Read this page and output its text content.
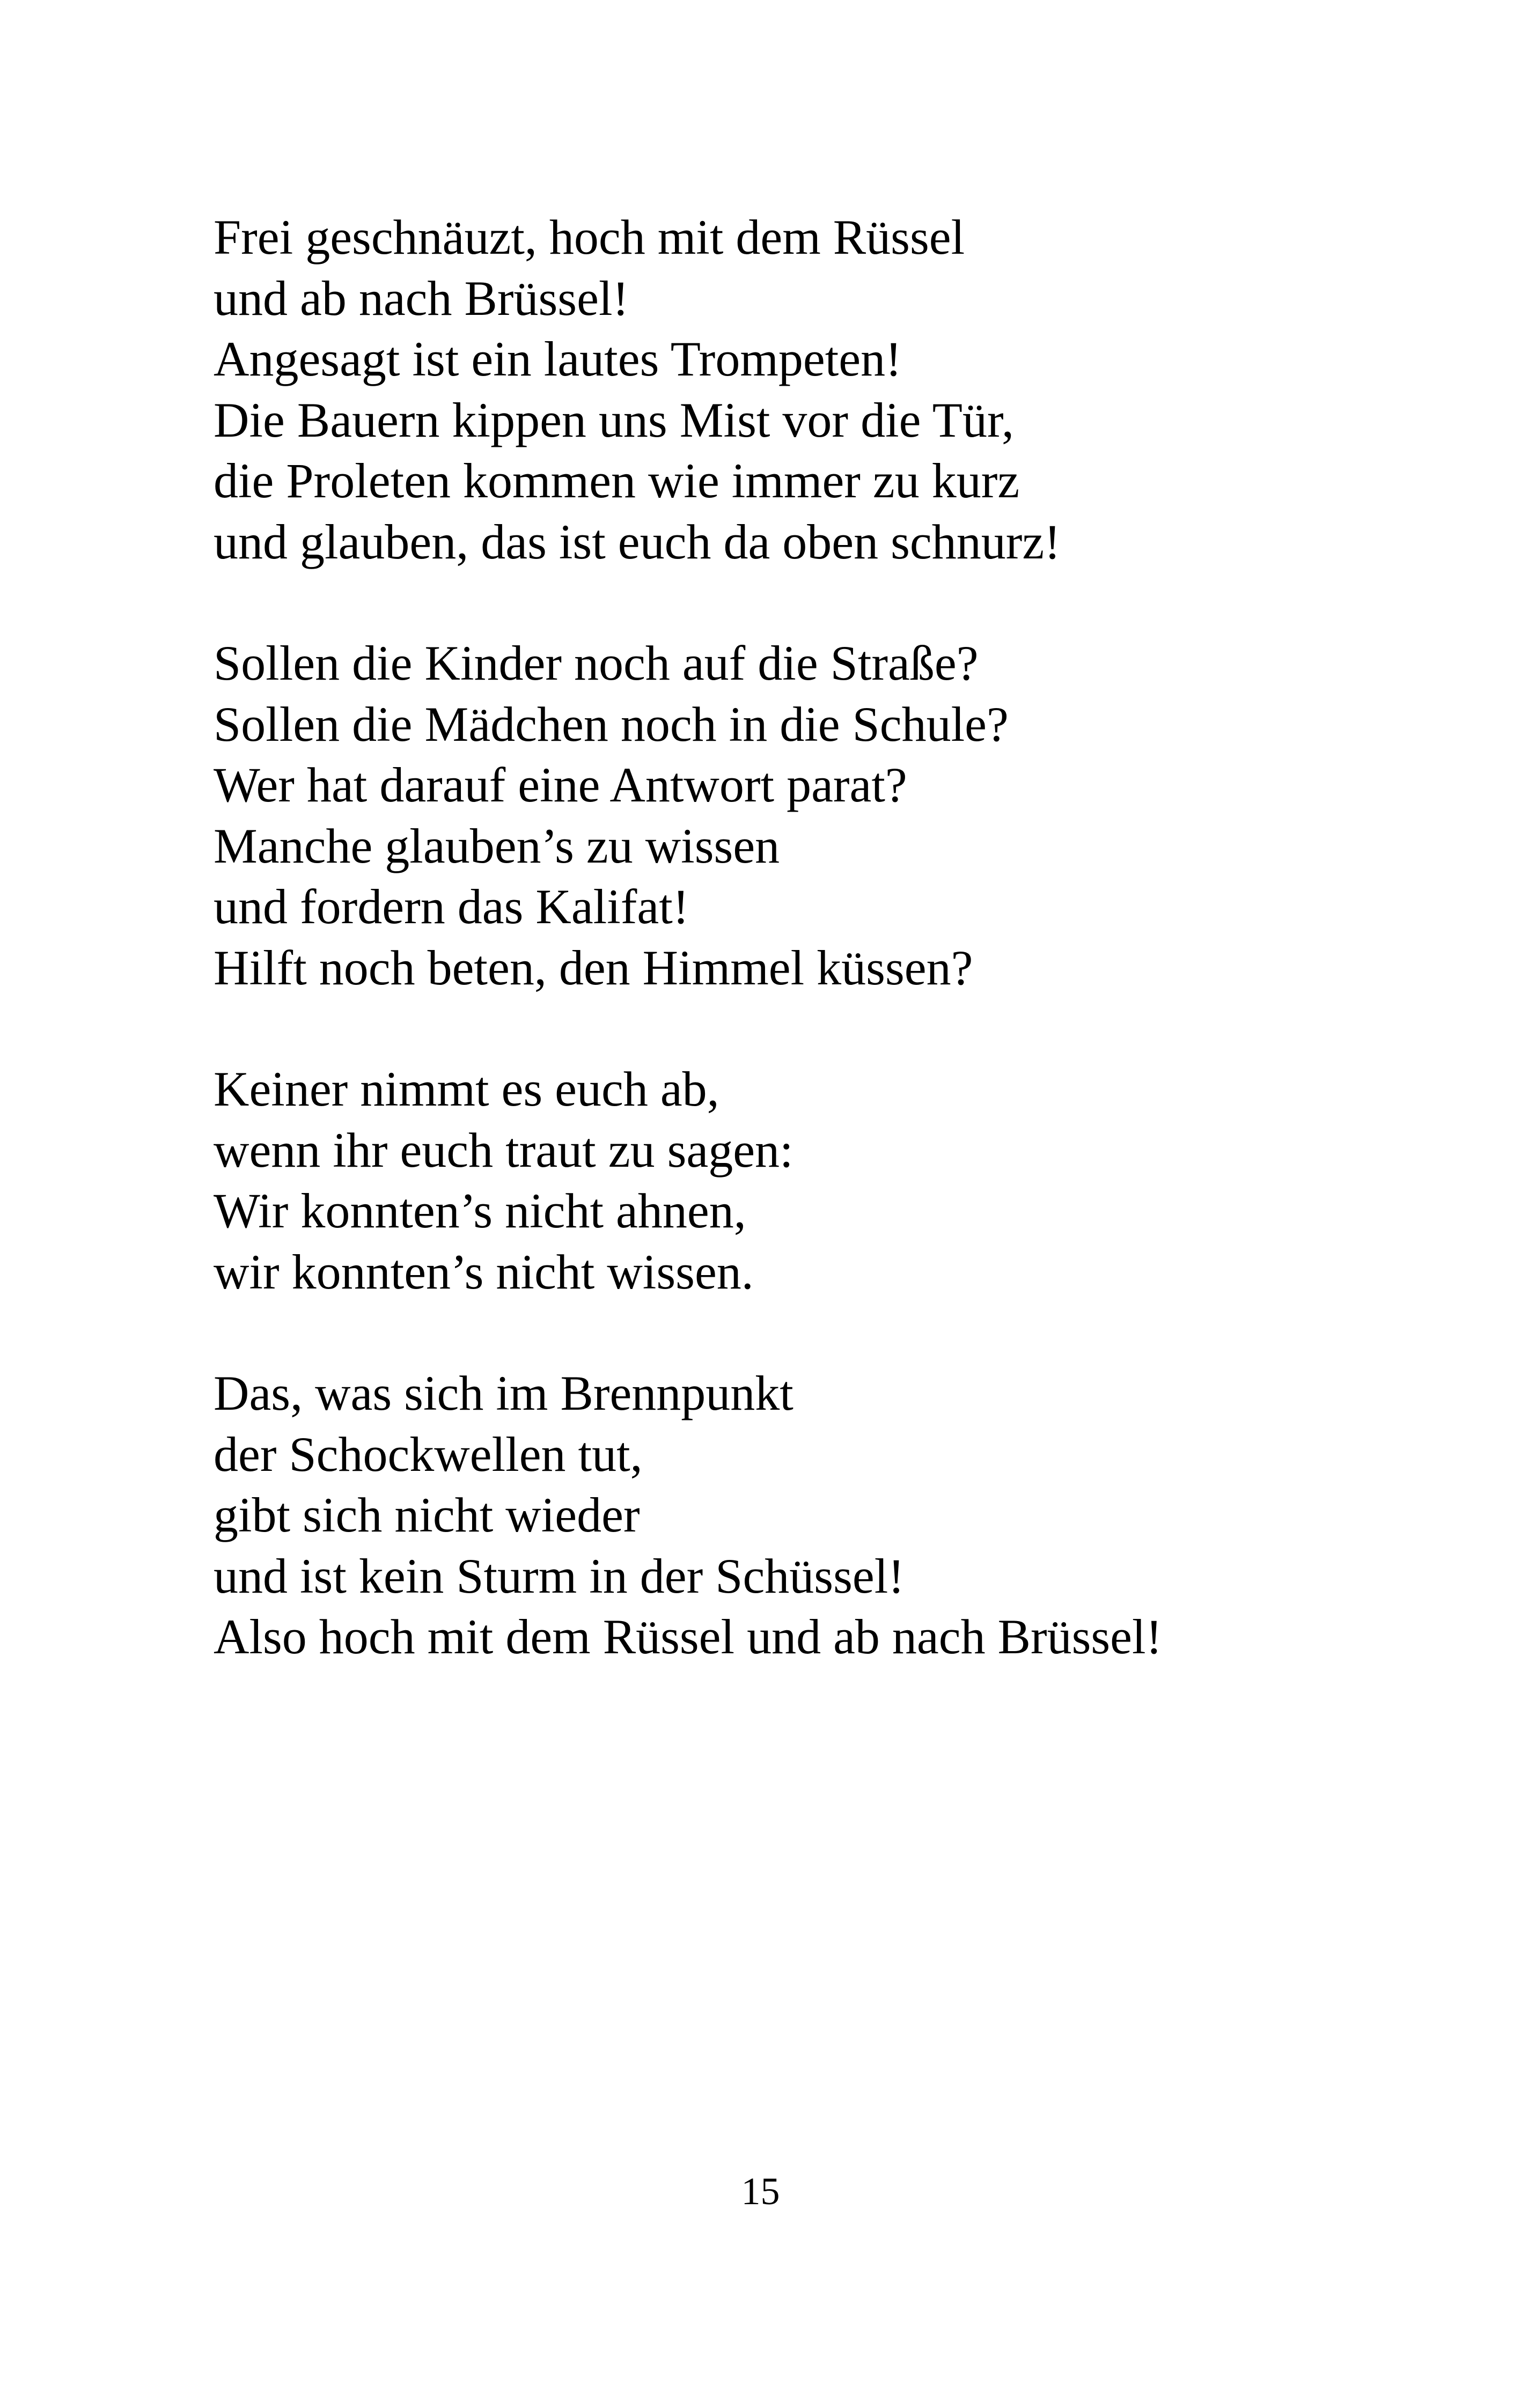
Frei geschnäuzt, hoch mit dem Rüssel
und ab nach Brüssel!
Angesagt ist ein lautes Trompeten!
Die Bauern kippen uns Mist vor die Tür,
die Proleten kommen wie immer zu kurz
und glauben, das ist euch da oben schnurz!
Sollen die Kinder noch auf die Straße?
Sollen die Mädchen noch in die Schule?
Wer hat darauf eine Antwort parat?
Manche glauben’s zu wissen
und fordern das Kalifat!
Hilft noch beten, den Himmel küssen?
Keiner nimmt es euch ab,
wenn ihr euch traut zu sagen:
Wir konnten’s nicht ahnen,
wir konnten’s nicht wissen.
Das, was sich im Brennpunkt
der Schockwellen tut,
gibt sich nicht wieder
und ist kein Sturm in der Schüssel!
Also hoch mit dem Rüssel und ab nach Brüssel!
15
